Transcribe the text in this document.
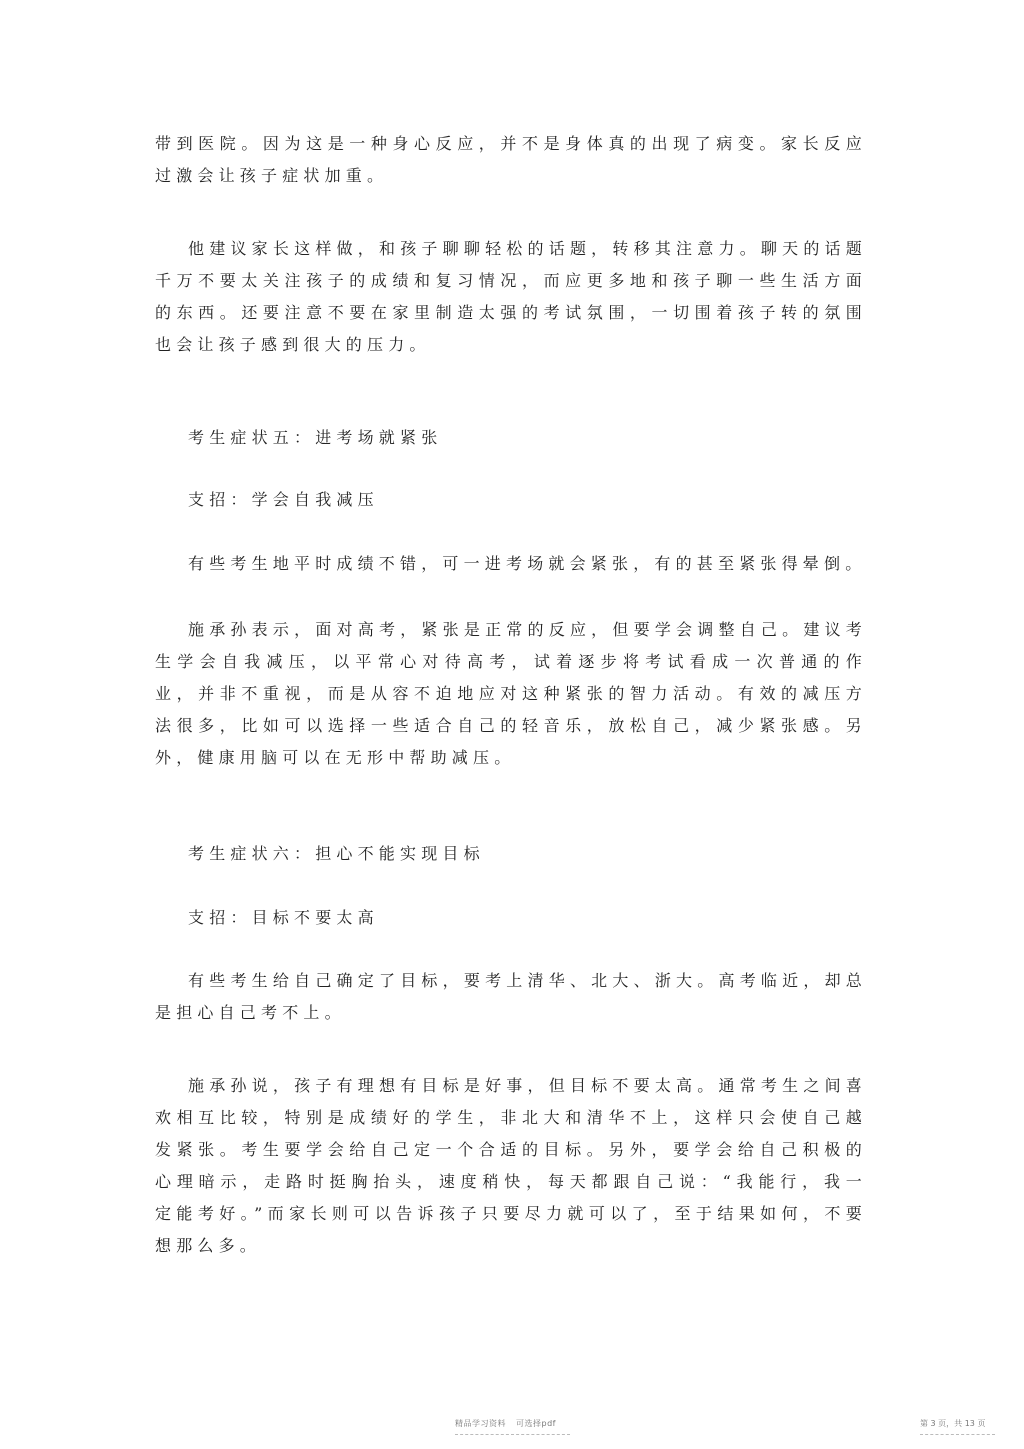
带到医院。因为这是一种身心反应，并不是身体真的出现了病变。家长反应过激会让孩子症状加重。

他建议家长这样做，和孩子聊聊轻松的话题，转移其注意力。聊天的话题千万不要太关注孩子的成绩和复习情况，而应更多地和孩子聊一些生活方面的东西。还要注意不要在家里制造太强的考试氛围，一切围着孩子转的氛围也会让孩子感到很大的压力。

考生症状五：进考场就紧张

支招：学会自我减压

有些考生地平时成绩不错，可一进考场就会紧张，有的甚至紧张得晕倒。

施承孙表示，面对高考，紧张是正常的反应，但要学会调整自己。建议考生学会自我减压，以平常心对待高考，试着逐步将考试看成一次普通的作业，并非不重视，而是从容不迫地应对这种紧张的智力活动。有效的减压方法很多，比如可以选择一些适合自己的轻音乐，放松自己，减少紧张感。另外，健康用脑可以在无形中帮助减压。

考生症状六：担心不能实现目标

支招：目标不要太高

有些考生给自己确定了目标，要考上清华、北大、浙大。高考临近，却总是担心自己考不上。

施承孙说，孩子有理想有目标是好事，但目标不要太高。通常考生之间喜欢相互比较，特别是成绩好的学生，非北大和清华不上，这样只会使自己越发紧张。考生要学会给自己定一个合适的目标。另外，要学会给自己积极的心理暗示，走路时挺胸抬头，速度稍快，每天都跟自己说：“我能行，我一定能考好。”而家长则可以告诉孩子只要尽力就可以了，至于结果如何，不要想那么多。

精品学习资料 可选择pdf	第 3 页，共 13 页
